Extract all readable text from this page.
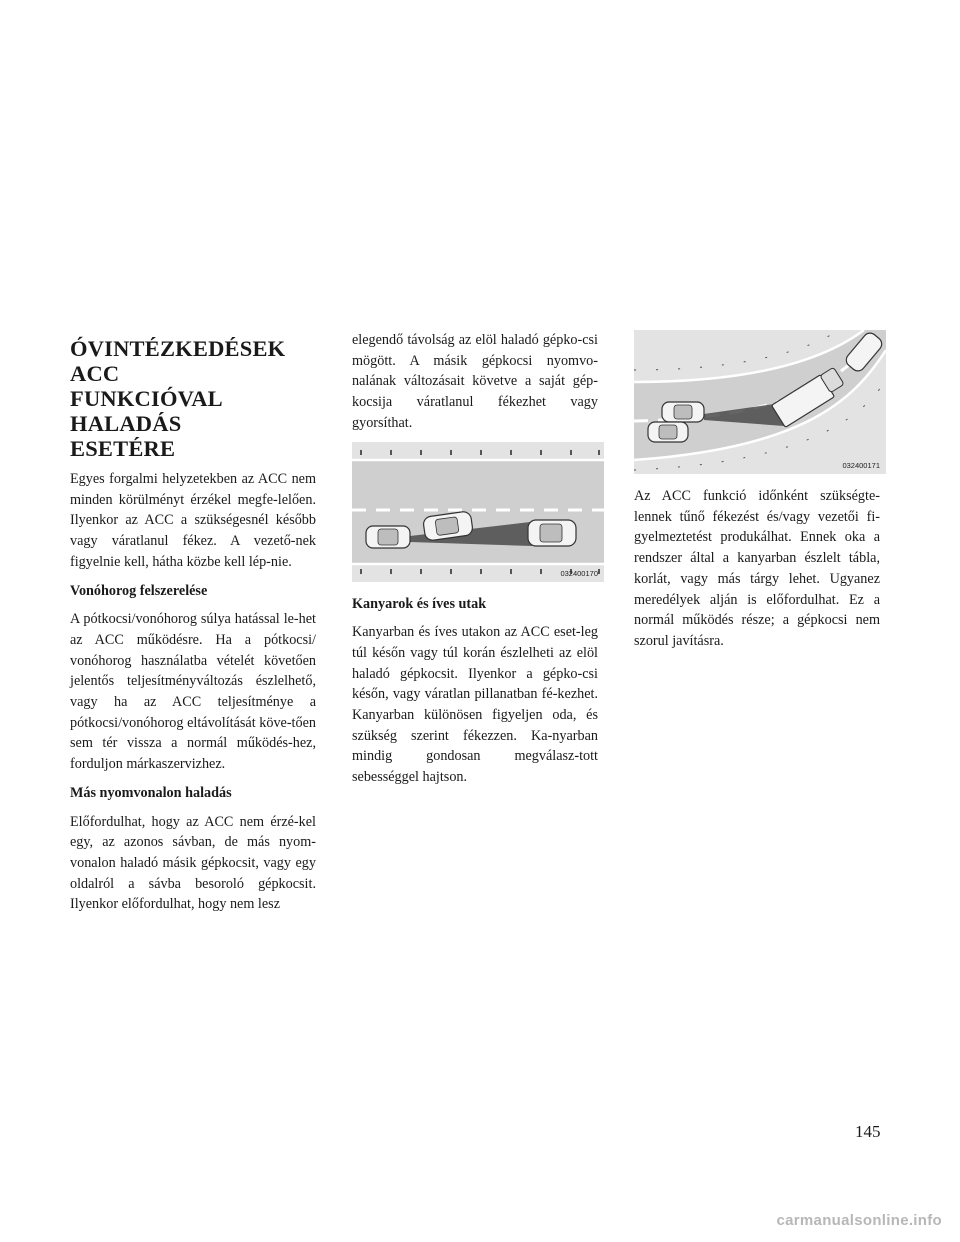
ÓVINTÉZKEDÉSEK ACC
FUNKCIÓVAL HALADÁS
ESETÉRE

Egyes forgalmi helyzetekben az ACC nem minden körülményt érzékel megfe-lelően. Ilyenkor az ACC a szükségesnél később vagy váratlanul fékez. A vezető-nek figyelnie kell, hátha közbe kell lép-nie.

Vonóhorog felszerelése

A pótkocsi/vonóhorog súlya hatással le-het az ACC működésre. Ha a pótkocsi/ vonóhorog használatba vételét követően jelentős teljesítményváltozás észlelhető, vagy ha az ACC teljesítménye a pótkocsi/vonóhorog eltávolítását köve-tően sem tér vissza a normál működés-hez, forduljon márkaszervizhez.

Más nyomvonalon haladás

Előfordulhat, hogy az ACC nem érzé-kel egy, az azonos sávban, de más nyom-vonalon haladó másik gépkocsit, vagy egy oldalról a sávba besoroló gépkocsit. Ilyenkor előfordulhat, hogy nem lesz

elegendő távolság az elöl haladó gépko-csi mögött. A másik gépkocsi nyomvo-nalának változásait követve a saját gép-kocsija váratlanul fékezhet vagy gyorsíthat.

032400170
Kanyarok és íves utak

Kanyarban és íves utakon az ACC eset-leg túl későn vagy túl korán észlelheti az elöl haladó gépkocsit. Ilyenkor a gépko-csi későn, vagy váratlan pillanatban fé-kezhet. Kanyarban különösen figyeljen oda, és szükség szerint fékezzen. Ka-nyarban mindig gondosan megválasz-tott sebességgel hajtson.

032400171

Az ACC funkció időnként szükségte-lennek tűnő fékezést és/vagy vezetői fi-gyelmeztetést produkálhat. Ennek oka a rendszer által a kanyarban észlelt tábla, korlát, vagy más tárgy lehet. Ugyanez meredélyek alján is előfordulhat. Ez a normál működés része; a gépkocsi nem szorul javításra.

145
carmanualsonline.info
